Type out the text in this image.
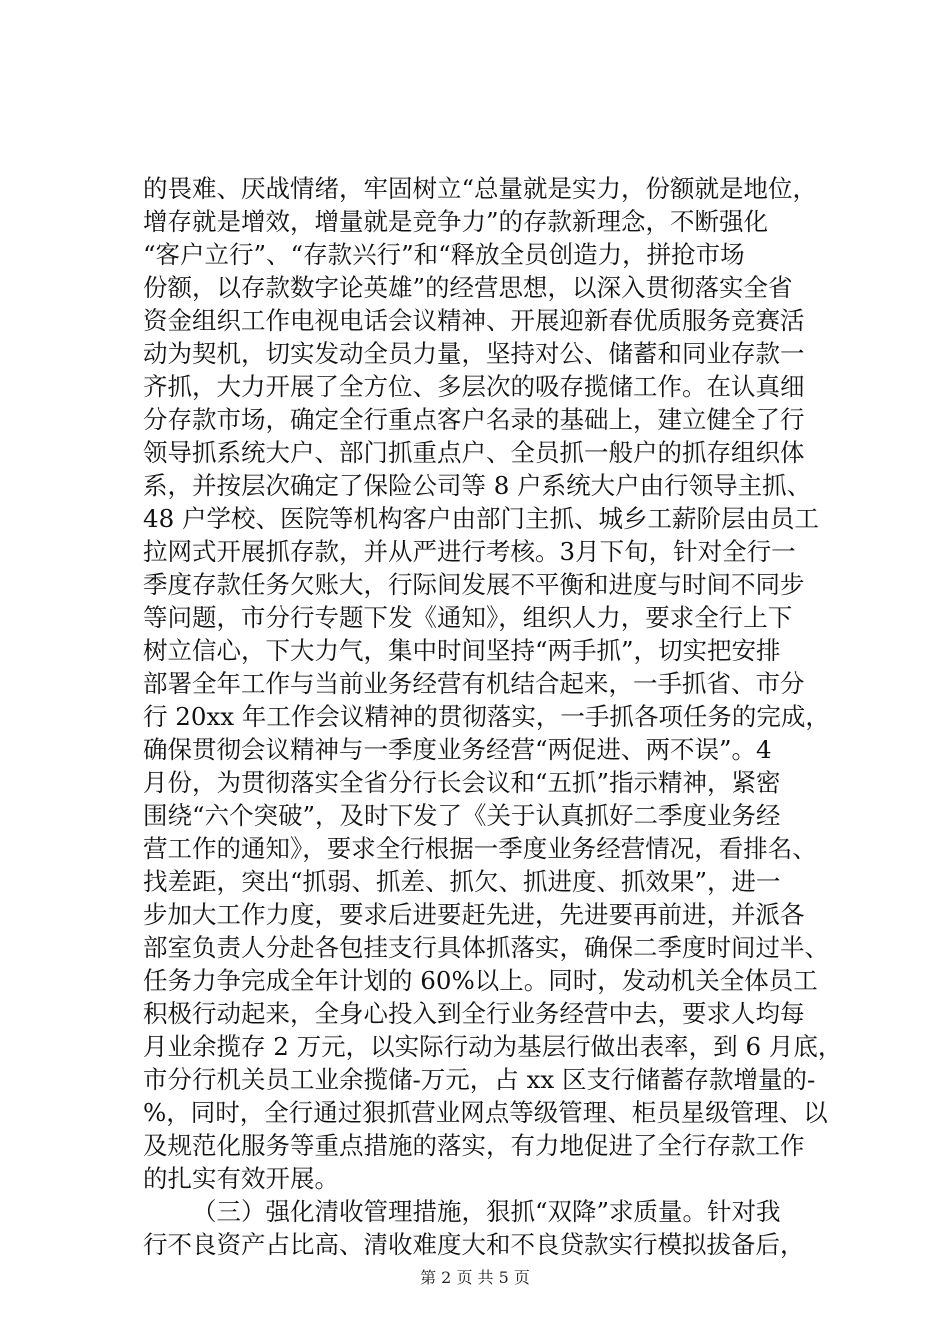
的畏难、厌战情绪，牢固树立“总量就是实力，份额就是地位，
增存就是增效，增量就是竞争力”的存款新理念，不断强化
“客户立行”、“存款兴行”和“释放全员创造力，拼抢市场
份额，以存款数字论英雄”的经营思想，以深入贯彻落实全省
资金组织工作电视电话会议精神、开展迎新春优质服务竞赛活
动为契机，切实发动全员力量，坚持对公、储蓄和同业存款一
齐抓，大力开展了全方位、多层次的吸存揽储工作。在认真细
分存款市场，确定全行重点客户名录的基础上，建立健全了行
领导抓系统大户、部门抓重点户、全员抓一般户的抓存组织体
系，并按层次确定了保险公司等 8 户系统大户由行领导主抓、
48 户学校、医院等机构客户由部门主抓、城乡工薪阶层由员工
拉网式开展抓存款，并从严进行考核。3月下旬，针对全行一
季度存款任务欠账大，行际间发展不平衡和进度与时间不同步
等问题，市分行专题下发《通知》，组织人力，要求全行上下
树立信心，下大力气，集中时间坚持“两手抓”，切实把安排
部署全年工作与当前业务经营有机结合起来，一手抓省、市分
行 20xx 年工作会议精神的贯彻落实，一手抓各项任务的完成，
确保贯彻会议精神与一季度业务经营“两促进、两不误”。4
月份，为贯彻落实全省分行长会议和“五抓”指示精神，紧密
围绕“六个突破”，及时下发了《关于认真抓好二季度业务经
营工作的通知》，要求全行根据一季度业务经营情况，看排名、
找差距，突出“抓弱、抓差、抓欠、抓进度、抓效果”，进一
步加大工作力度，要求后进要赶先进，先进要再前进，并派各
部室负责人分赴各包挂支行具体抓落实，确保二季度时间过半、
任务力争完成全年计划的 60%以上。同时，发动机关全体员工
积极行动起来，全身心投入到全行业务经营中去，要求人均每
月业余揽存 2 万元，以实际行动为基层行做出表率，到 6 月底，
市分行机关员工业余揽储-万元，占 xx 区支行储蓄存款增量的-
%，同时，全行通过狠抓营业网点等级管理、柜员星级管理、以
及规范化服务等重点措施的落实，有力地促进了全行存款工作
的扎实有效开展。
（三）强化清收管理措施，狠抓“双降”求质量。针对我
行不良资产占比高、清收难度大和不良贷款实行模拟拔备后，
第 2 页 共 5 页
